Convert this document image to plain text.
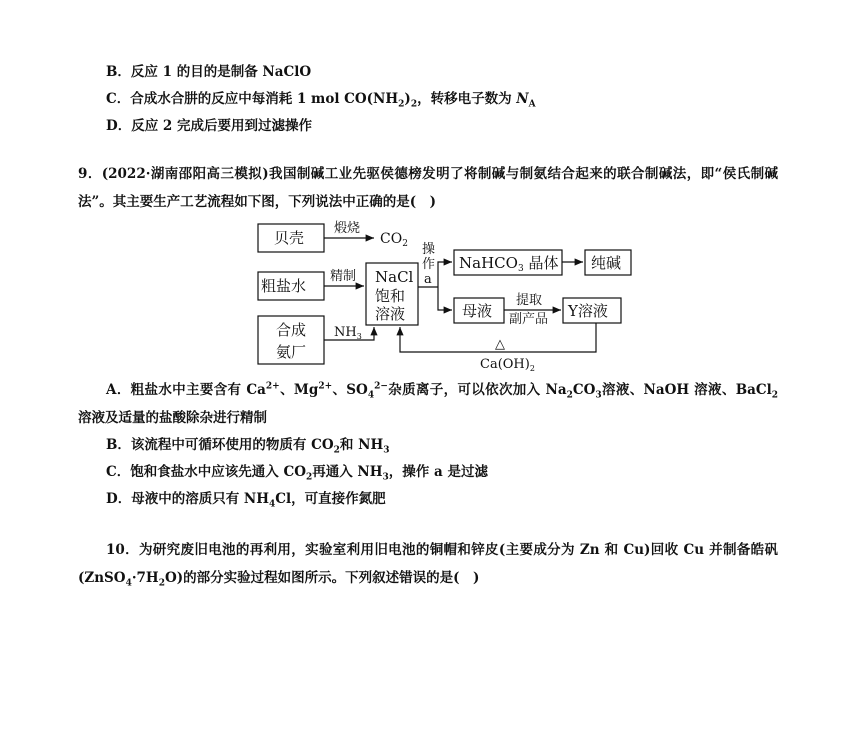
B．反应 1 的目的是制备 NaClO
C．合成水合肼的反应中每消耗 1 mol $CO(NH_2)_2$，转移电子数为 $N_A$
D．反应 2 完成后要用到过滤操作
9．(2022·湖南邵阳高三模拟)我国制碱工业先驱侯德榜发明了将制碱与制氨结合起来的联合制碱法，即“侯氏制碱法”。其主要生产工艺流程如下图，下列说法中正确的是(　)
贝壳
粗盐水
合成
氨厂
NaCl
饱和
溶液
NaHCO$_3$ 晶体 纯碱
母液	Y溶液
煅烧
$CO_2$
精制
$NH_3$
操
作
a
提取
副产品
△
$Ca(OH)_2$
A．粗盐水中主要含有 $Ca^{2+}$、$Mg^{2+}$、$SO_4^{2-}$杂质离子，可以依次加入 $Na_2CO_3$溶液、NaOH 溶液、BaCl$_2$溶液及适量的盐酸除杂进行精制
B．该流程中可循环使用的物质有 $CO_2$和 $NH_3$
C．饱和食盐水中应该先通入 $CO_2$再通入 $NH_3$，操作 a 是过滤
D．母液中的溶质只有 $NH_4Cl$，可直接作氮肥
10．为研究废旧电池的再利用，实验室利用旧电池的铜帽和锌皮(主要成分为 Zn 和 Cu)回收 Cu 并制备皓矾$(ZnSO_4\cdot 7H_2O)$的部分实验过程如图所示。下列叙述错误的是(　)
